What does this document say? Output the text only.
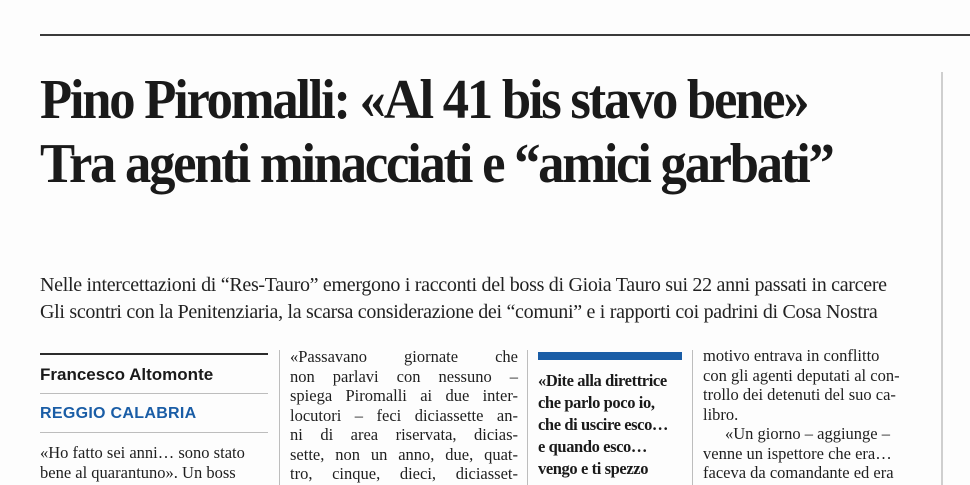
Pino Piromalli: «Al 41 bis stavo bene»
Tra agenti minacciati e “amici garbati”
Nelle intercettazioni di “Res-Tauro” emergono i racconti del boss di Gioia Tauro sui 22 anni passati in carcere
Gli scontri con la Penitenziaria, la scarsa considerazione dei “comuni” e i rapporti coi padrini di Cosa Nostra
Francesco Altomonte
REGGIO CALABRIA
«Ho fatto sei anni… sono stato
bene al quarantuno». Un boss
«Passavano giornate che
non parlavi con nessuno –
spiega Piromalli ai due inter-
locutori – feci diciassette an-
ni di area riservata, dicias-
sette, non un anno, due, quat-
tro, cinque, dieci, diciasset-
«Dite alla direttrice
che parlo poco io,
che di uscire esco…
e quando esco…
vengo e ti spezzo
motivo entrava in conflitto
con gli agenti deputati al con-
trollo dei detenuti del suo ca-
libro.
«Un giorno – aggiunge –
venne un ispettore che era…
faceva da comandante ed era
